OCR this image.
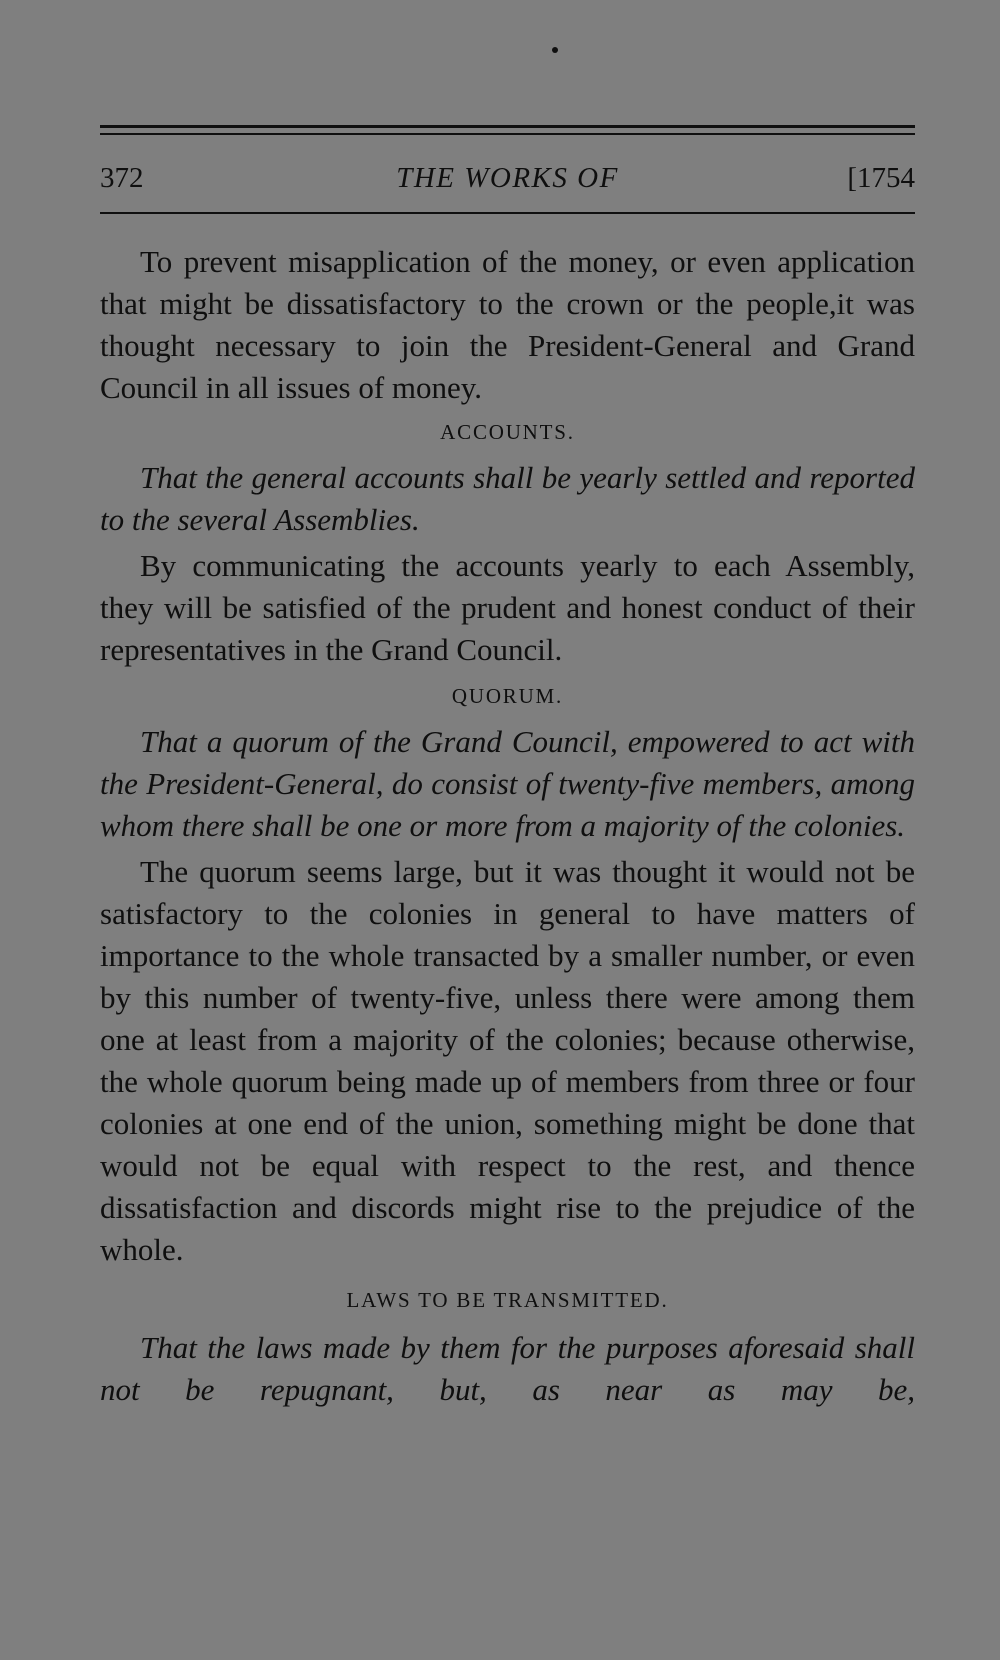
372	THE WORKS OF	[1754

To prevent misapplication of the money, or even application that might be dissatisfactory to the crown or the people,it was thought necessary to join the President-General and Grand Council in all issues of money.

ACCOUNTS.

That the general accounts shall be yearly settled and reported to the several Assemblies.

By communicating the accounts yearly to each Assembly, they will be satisfied of the prudent and honest conduct of their representatives in the Grand Council.

QUORUM.

That a quorum of the Grand Council, empowered to act with the President-General, do consist of twenty-five members, among whom there shall be one or more from a majority of the colonies.

The quorum seems large, but it was thought it would not be satisfactory to the colonies in general to have matters of importance to the whole transacted by a smaller number, or even by this number of twenty-five, unless there were among them one at least from a majority of the colonies; because otherwise, the whole quorum being made up of members from three or four colonies at one end of the union, something might be done that would not be equal with respect to the rest, and thence dissatisfaction and discords might rise to the prejudice of the whole.

LAWS TO BE TRANSMITTED.

That the laws made by them for the purposes aforesaid shall not be repugnant, but, as near as may be,
